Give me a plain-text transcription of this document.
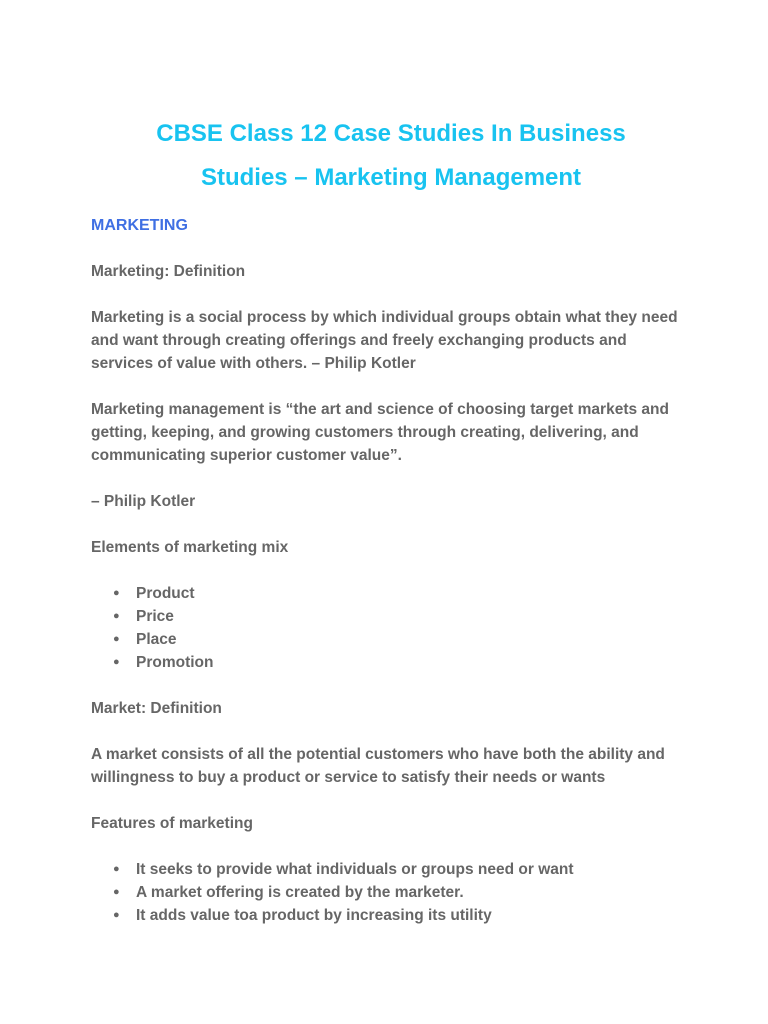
CBSE Class 12 Case Studies In Business
Studies – Marketing Management
MARKETING

Marketing: Definition

Marketing is a social process by which individual groups obtain what they need

and want through creating offerings and freely exchanging products and

services of value with others. – Philip Kotler

Marketing management is “the art and science of choosing target markets and

getting, keeping, and growing customers through creating, delivering, and

communicating superior customer value”.

– Philip Kotler

Elements of marketing mix

● Product
● Price
● Place
● Promotion

Market: Definition

A market consists of all the potential customers who have both the ability and

willingness to buy a product or service to satisfy their needs or wants

Features of marketing

● It seeks to provide what individuals or groups need or want
● A market offering is created by the marketer.
● It adds value toa product by increasing its utility
